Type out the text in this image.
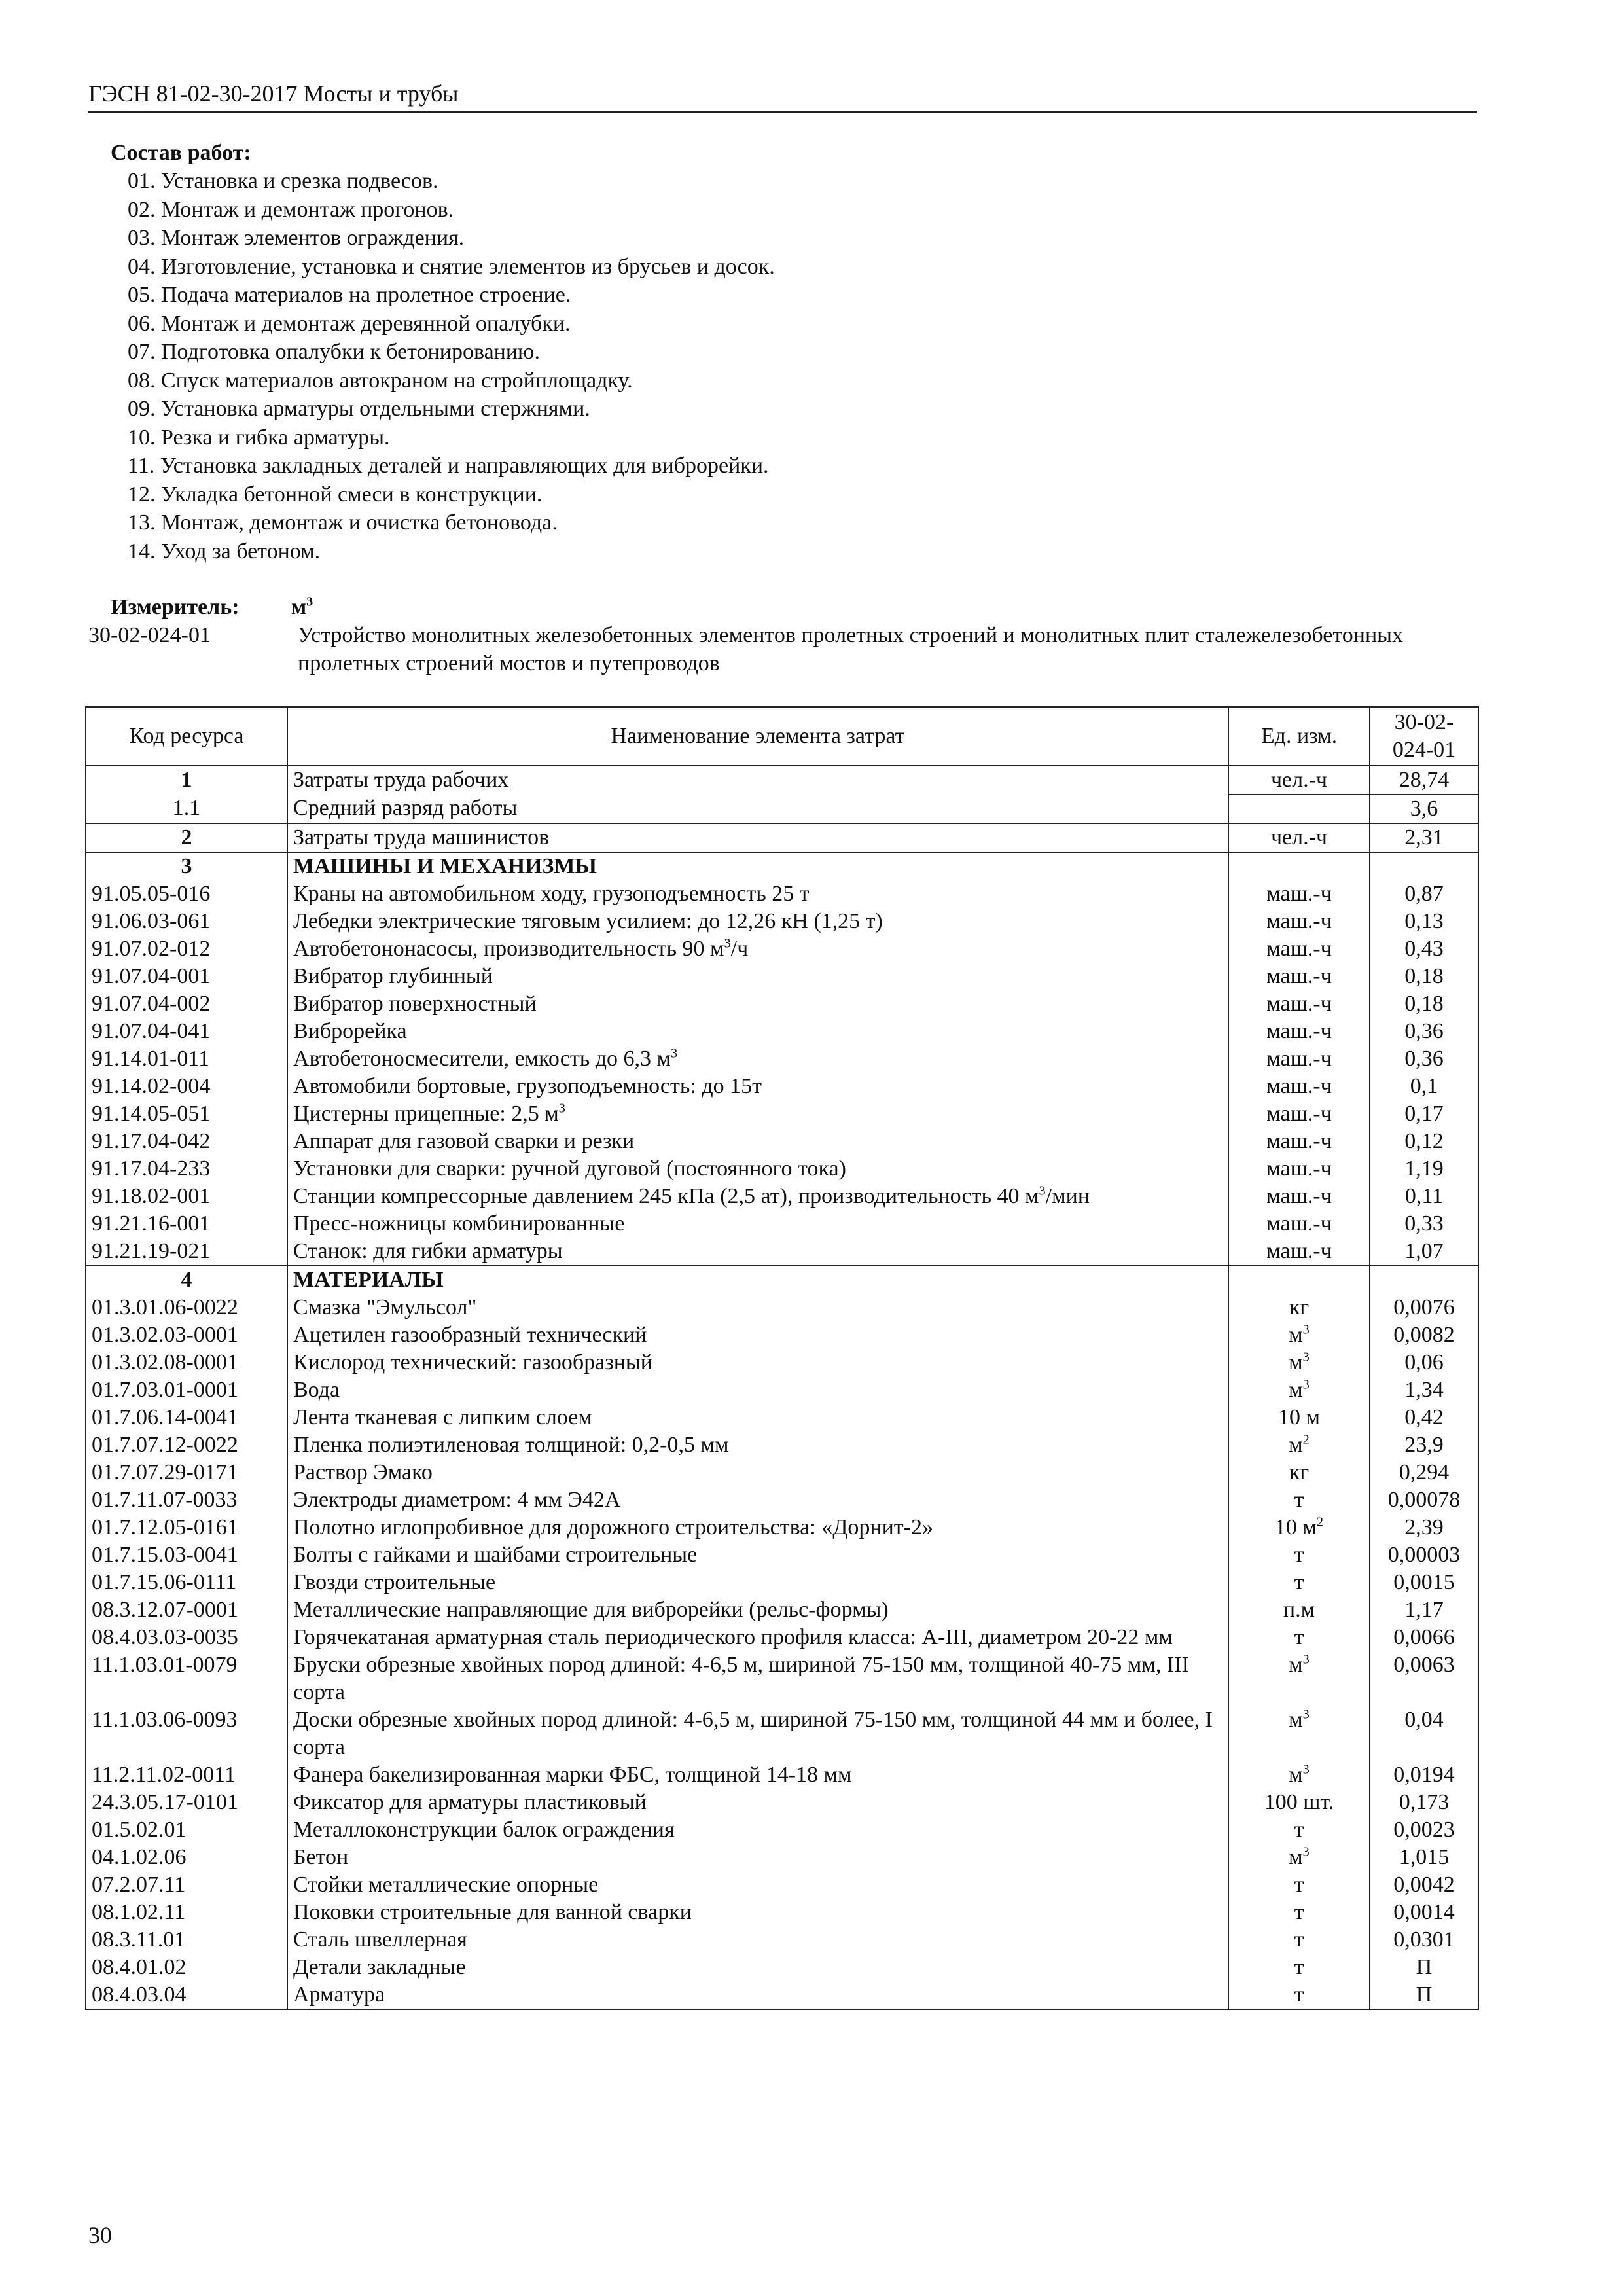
ГЭСН 81-02-30-2017 Мосты и трубы
Состав работ:
01. Установка и срезка подвесов.
02. Монтаж и демонтаж прогонов.
03. Монтаж элементов ограждения.
04. Изготовление, установка и снятие элементов из брусьев и досок.
05. Подача материалов на пролетное строение.
06. Монтаж и демонтаж деревянной опалубки.
07. Подготовка опалубки к бетонированию.
08. Спуск материалов автокраном на стройплощадку.
09. Установка арматуры отдельными стержнями.
10. Резка и гибка арматуры.
11. Установка закладных деталей и направляющих для виброрейки.
12. Укладка бетонной смеси в конструкции.
13. Монтаж, демонтаж и очистка бетоновода.
14. Уход за бетоном.
Измеритель:	$м^3$
30-02-024-01	Устройство монолитных железобетонных элементов пролетных строений и монолитных плит сталежелезобетонных пролетных строений мостов и путепроводов
Код ресурса	Наименование элемента затрат	Ед. изм.	30-02-024-01
1	Затраты труда рабочих	чел.-ч	28,74
1.1	Средний разряд работы		3,6
2	Затраты труда машинистов	чел.-ч	2,31
3	МАШИНЫ И МЕХАНИЗМЫ		
91.05.05-016	Краны на автомобильном ходу, грузоподъемность 25 т	маш.-ч	0,87
91.06.03-061	Лебедки электрические тяговым усилием: до 12,26 кН (1,25 т)	маш.-ч	0,13
91.07.02-012	Автобетононасосы, производительность 90 $м^3/ч$	маш.-ч	0,43
91.07.04-001	Вибратор глубинный	маш.-ч	0,18
91.07.04-002	Вибратор поверхностный	маш.-ч	0,18
91.07.04-041	Виброрейка	маш.-ч	0,36
91.14.01-011	Автобетоносмесители, емкость до 6,3 $м^3$	маш.-ч	0,36
91.14.02-004	Автомобили бортовые, грузоподъемность: до 15т	маш.-ч	0,1
91.14.05-051	Цистерны прицепные: 2,5 $м^3$	маш.-ч	0,17
91.17.04-042	Аппарат для газовой сварки и резки	маш.-ч	0,12
91.17.04-233	Установки для сварки: ручной дуговой (постоянного тока)	маш.-ч	1,19
91.18.02-001	Станции компрессорные давлением 245 кПа (2,5 ат), производительность 40 $м^3$/мин	маш.-ч	0,11
91.21.16-001	Пресс-ножницы комбинированные	маш.-ч	0,33
91.21.19-021	Станок: для гибки арматуры	маш.-ч	1,07
4	МАТЕРИАЛЫ		
01.3.01.06-0022	Смазка "Эмульсол"	кг	0,0076
01.3.02.03-0001	Ацетилен газообразный технический	$м^3$	0,0082
01.3.02.08-0001	Кислород технический: газообразный	$м^3$	0,06
01.7.03.01-0001	Вода	$м^3$	1,34
01.7.06.14-0041	Лента тканевая с липким слоем	10 м	0,42
01.7.07.12-0022	Пленка полиэтиленовая толщиной: 0,2-0,5 мм	$м^2$	23,9
01.7.07.29-0171	Раствор Эмако	кг	0,294
01.7.11.07-0033	Электроды диаметром: 4 мм Э42А	т	0,00078
01.7.12.05-0161	Полотно иглопробивное для дорожного строительства: «Дорнит-2»	10 $м^2$	2,39
01.7.15.03-0041	Болты с гайками и шайбами строительные	т	0,00003
01.7.15.06-0111	Гвозди строительные	т	0,0015
08.3.12.07-0001	Металлические направляющие для виброрейки (рельс-формы)	п.м	1,17
08.4.03.03-0035	Горячекатаная арматурная сталь периодического профиля класса: А-III, диаметром 20-22 мм	т	0,0066
11.1.03.01-0079	Бруски обрезные хвойных пород длиной: 4-6,5 м, шириной 75-150 мм, толщиной 40-75 мм, III сорта	$м^3$	0,0063
11.1.03.06-0093	Доски обрезные хвойных пород длиной: 4-6,5 м, шириной 75-150 мм, толщиной 44 мм и более, I сорта	$м^3$	0,04
11.2.11.02-0011	Фанера бакелизированная марки ФБС, толщиной 14-18 мм	$м^3$	0,0194
24.3.05.17-0101	Фиксатор для арматуры пластиковый	100 шт.	0,173
01.5.02.01	Металлоконструкции балок ограждения	т	0,0023
04.1.02.06	Бетон	$м^3$	1,015
07.2.07.11	Стойки металлические опорные	т	0,0042
08.1.02.11	Поковки строительные для ванной сварки	т	0,0014
08.3.11.01	Сталь швеллерная	т	0,0301
08.4.01.02	Детали закладные	т	П
08.4.03.04	Арматура	т	П
30
